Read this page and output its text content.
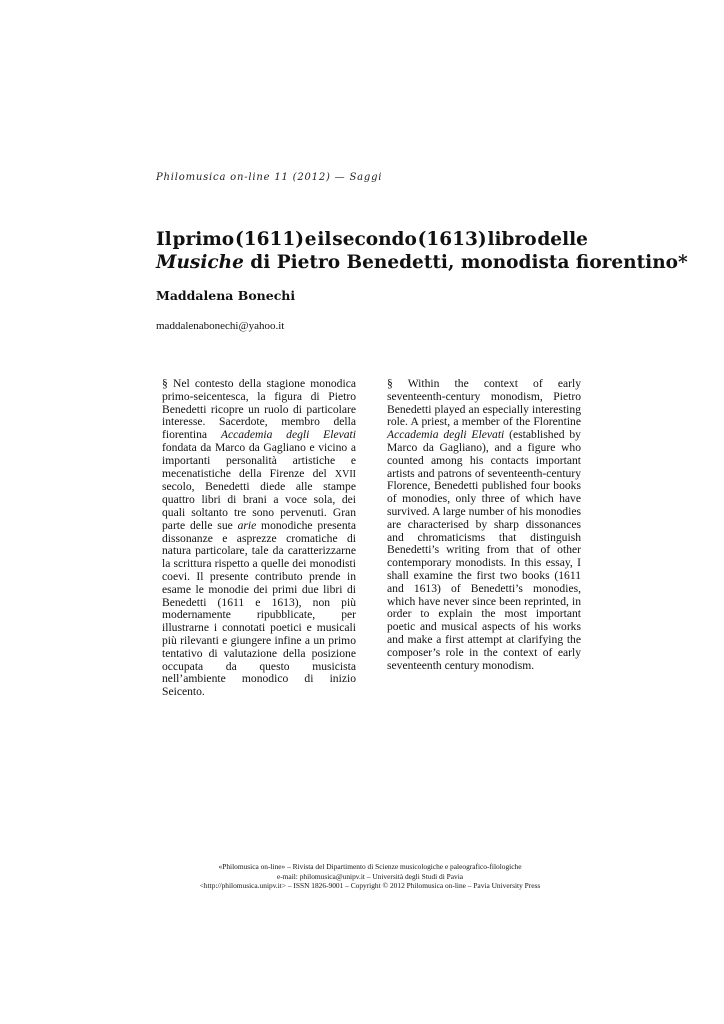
Philomusica on-line 11 (2012) — Saggi
Il primo (1611) e il secondo (1613) libro delle
Musiche di Pietro Benedetti, monodista fiorentino*
Maddalena Bonechi
maddalenabonechi@yahoo.it
§ Nel contesto della stagione monodica primo-seicentesca, la figura di Pietro Benedetti ricopre un ruolo di particolare interesse. Sacerdote, membro della fiorentina Accademia degli Elevati fondata da Marco da Gagliano e vicino a importanti personalità artistiche e mecenatistiche della Firenze del XVII secolo, Benedetti diede alle stampe quattro libri di brani a voce sola, dei quali soltanto tre sono pervenuti. Gran parte delle sue arie monodiche presenta dissonanze e asprezze cromatiche di natura particolare, tale da caratterizzarne la scrittura rispetto a quelle dei monodisti coevi. Il presente contributo prende in esame le monodie dei primi due libri di Benedetti (1611 e 1613), non più modernamente ripubblicate, per illustrarne i connotati poetici e musicali più rilevanti e giungere infine a un primo tentativo di valutazione della posizione occupata da questo musicista nell’ambiente monodico di inizio Seicento.
§ Within the context of early seventeenth-century monodism, Pietro Benedetti played an especially interesting role. A priest, a member of the Florentine Accademia degli Elevati (established by Marco da Gagliano), and a figure who counted among his contacts important artists and patrons of seventeenth-century Florence, Benedetti published four books of monodies, only three of which have survived. A large number of his monodies are characterised by sharp dissonances and chromaticisms that distinguish Benedetti’s writing from that of other contemporary monodists. In this essay, I shall examine the first two books (1611 and 1613) of Benedetti’s monodies, which have never since been reprinted, in order to explain the most important poetic and musical aspects of his works and make a first attempt at clarifying the composer’s role in the context of early seventeenth century monodism.
«Philomusica on-line» – Rivista del Dipartimento di Scienze musicologiche e paleografico-filologiche
e-mail: philomusica@unipv.it – Università degli Studi di Pavia
<http://philomusica.unipv.it> – ISSN 1826-9001 – Copyright © 2012 Philomusica on-line – Pavia University Press
